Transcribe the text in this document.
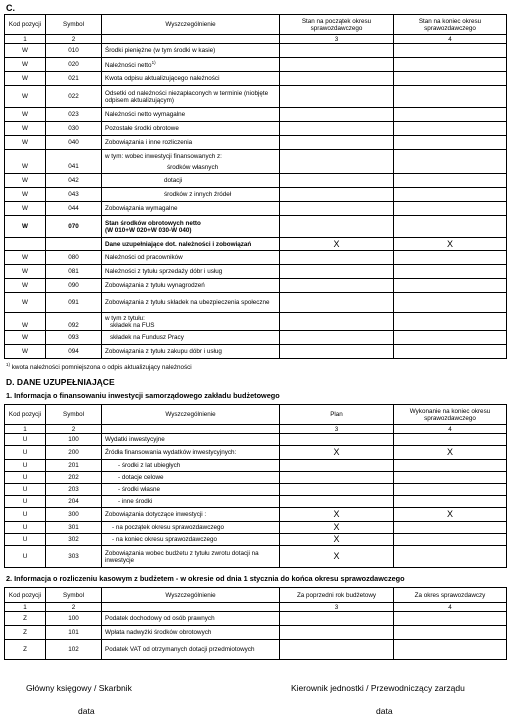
C.
Kod pozycji	Symbol	Wyszczególnienie	Stan na początek okresu sprawozdawczego	Stan na koniec okresu sprawozdawczego
1	2		3	4
W	010	Środki pieniężne (w tym środki w kasie)		
W	020	Należności netto$^{1)}$		
W	021	Kwota odpisu aktualizującego należności		
W	022	Odsetki od należności niezapłaconych w terminie (niobjęte odpisem aktualizującym)		
W	023	Należności netto wymagalne		
W	030	Pozostałe środki obrotowe		
W	040	Zobowiązania i inne rozliczenia		
W	041	w tym: wobec inwestycji finansowanych z:
środków własnych		

W	042	dotacji		
W	043	środków z innych źródeł		
W	044	Zobowiązania wymagalne		
W	070	Stan środków obrotowych netto
(W 010+W 020+W 030-W 040)		

		Dane uzupełniające dot. należności i zobowiązań	X	X
W	080	Należności od pracowników		
W	081	Należności z tytułu sprzedaży dóbr i usług		
W	090	Zobowiązania z tytułu wynagrodzeń		
W	091	Zobowiązania z tytułu składek na ubezpieczenia społeczne		
W	092	w tym z tytułu:
składek na FUS		

W	093	składek na Fundusz Pracy		
W	094	Zobowiązania z tytułu zakupu dóbr i usług		
$^{1)}$ kwota należności pomniejszona o odpis aktualizujący należności
D. DANE UZUPEŁNIAJĄCE
1. Informacja o finansowaniu inwestycji samorządowego zakładu budżetowego
Kod pozycji	Symbol	Wyszczególnienie	Plan	Wykonanie na koniec okresu sprawozdawczego
1	2		3	4
U	100	Wydatki inwestycyjne		
U	200	Źródła finansowania wydatków inwestycyjnych:	X	X
U	201	- środki z lat ubiegłych		
U	202	- dotacje celowe		
U	203	- środki własne		
U	204	- inne środki		
U	300	Zobowiązania dotyczące inwestycji :	X	X
U	301	- na początek okresu sprawozdawczego	X	
U	302	- na koniec okresu sprawozdawczego	X	
U	303	Zobowiązania wobec budżetu z tytułu zwrotu dotacji na inwestycje	X	
2. Informacja o rozliczeniu kasowym z budżetem - w okresie od dnia 1 stycznia do końca okresu sprawozdawczego
Kod pozycji	Symbol	Wyszczególnienie	Za poprzedni rok budżetowy	Za okres sprawozdawczy
1	2		3	4
Z	100	Podatek dochodowy od osób prawnych		
Z	101	Wpłata nadwyżki środków obrotowych		
Z	102	Podatek VAT od otrzymanych dotacji przedmiotowych		
Główny księgowy / Skarbnik	Kierownik jednostki / Przewodniczący zarządu
data	data
